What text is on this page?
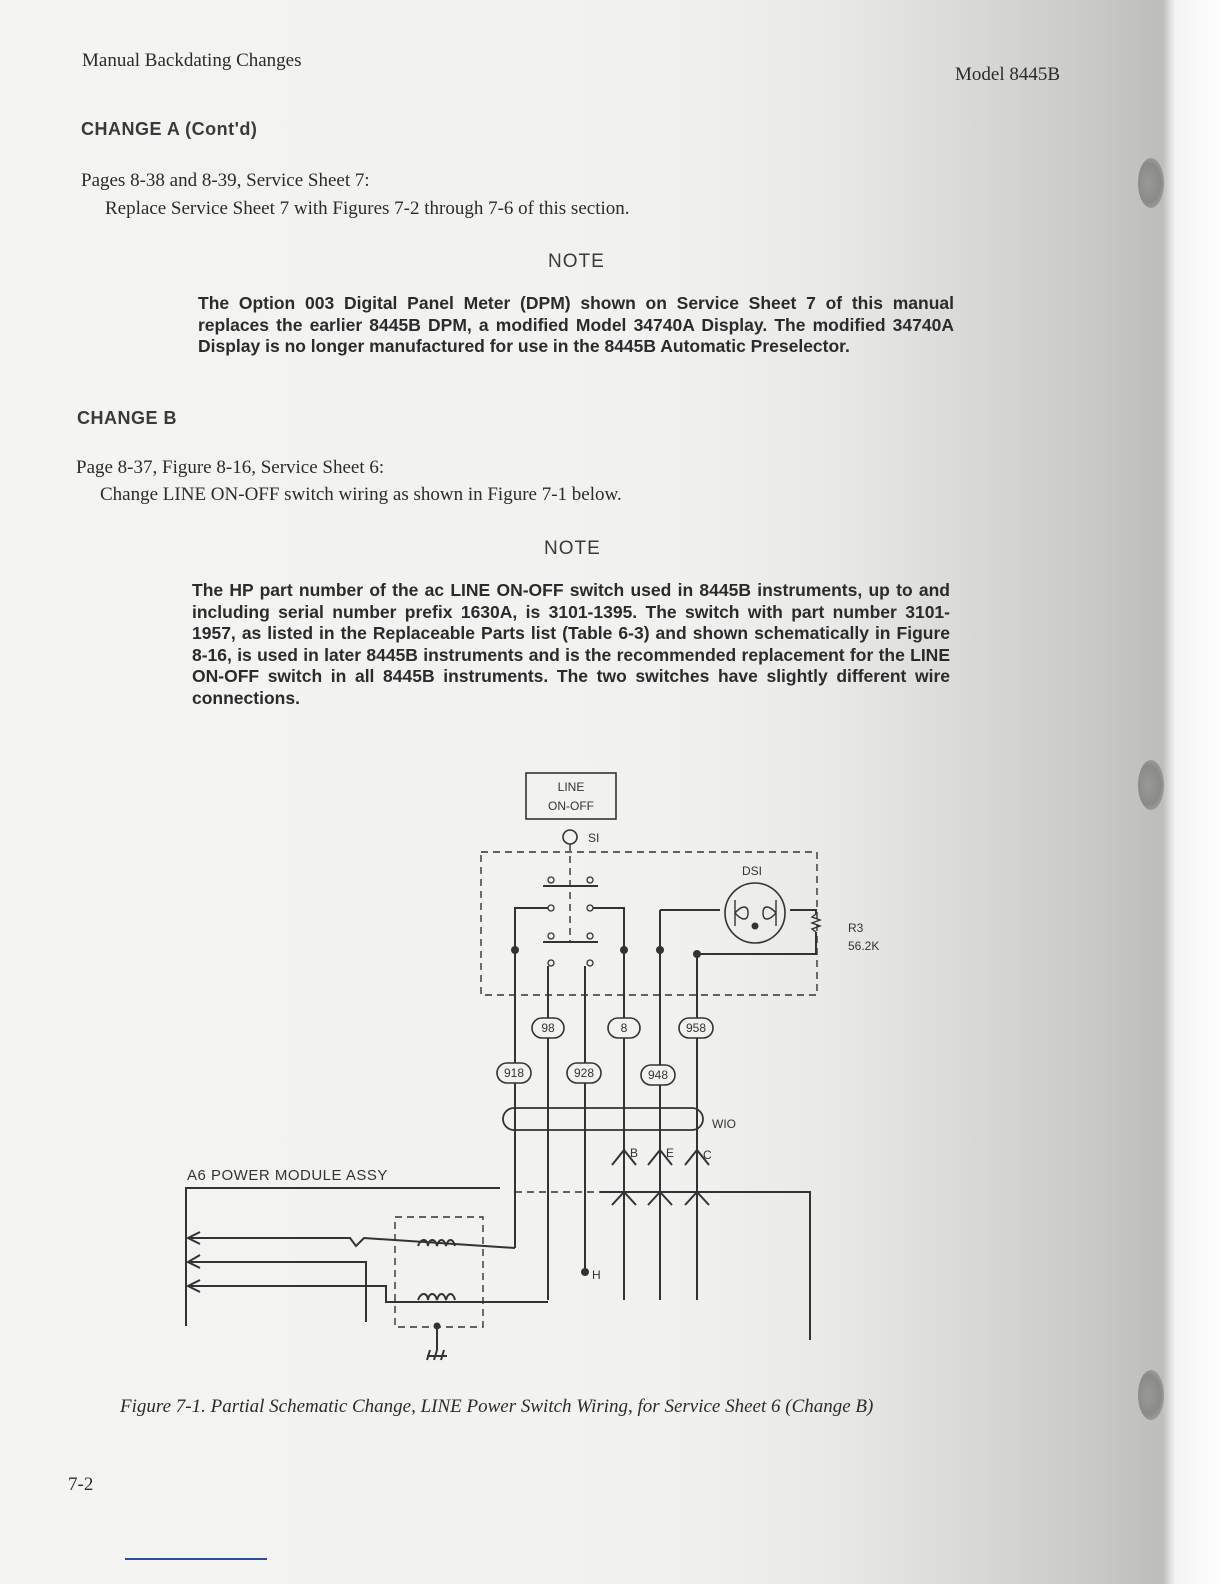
Manual Backdating Changes

Model 8445B

CHANGE A (Cont'd)

Pages 8-38 and 8-39, Service Sheet 7:

Replace Service Sheet 7 with Figures 7-2 through 7-6 of this section.

NOTE

The Option 003 Digital Panel Meter (DPM) shown on Service Sheet 7 of this manual replaces the earlier 8445B DPM, a modified Model 34740A Display. The modified 34740A Display is no longer manufactured for use in the 8445B Automatic Preselector.

CHANGE B

Page 8-37, Figure 8-16, Service Sheet 6:

Change LINE ON-OFF switch wiring as shown in Figure 7-1 below.

NOTE

The HP part number of the ac LINE ON-OFF switch used in 8445B instruments, up to and including serial number prefix 1630A, is 3101-1395. The switch with part number 3101-1957, as listed in the Replaceable Parts list (Table 6-3) and shown schematically in Figure 8-16, is used in later 8445B instruments and is the recommended replacement for the LINE ON-OFF switch in all 8445B instruments. The two switches have slightly different wire connections.

LINE
ON-OFF
SI
DSI
R3
56.2K
98	8	958
918	928	948
WIO
B E C
A6 POWER MODULE ASSY
H

Figure 7-1. Partial Schematic Change, LINE Power Switch Wiring, for Service Sheet 6 (Change B)

7-2
